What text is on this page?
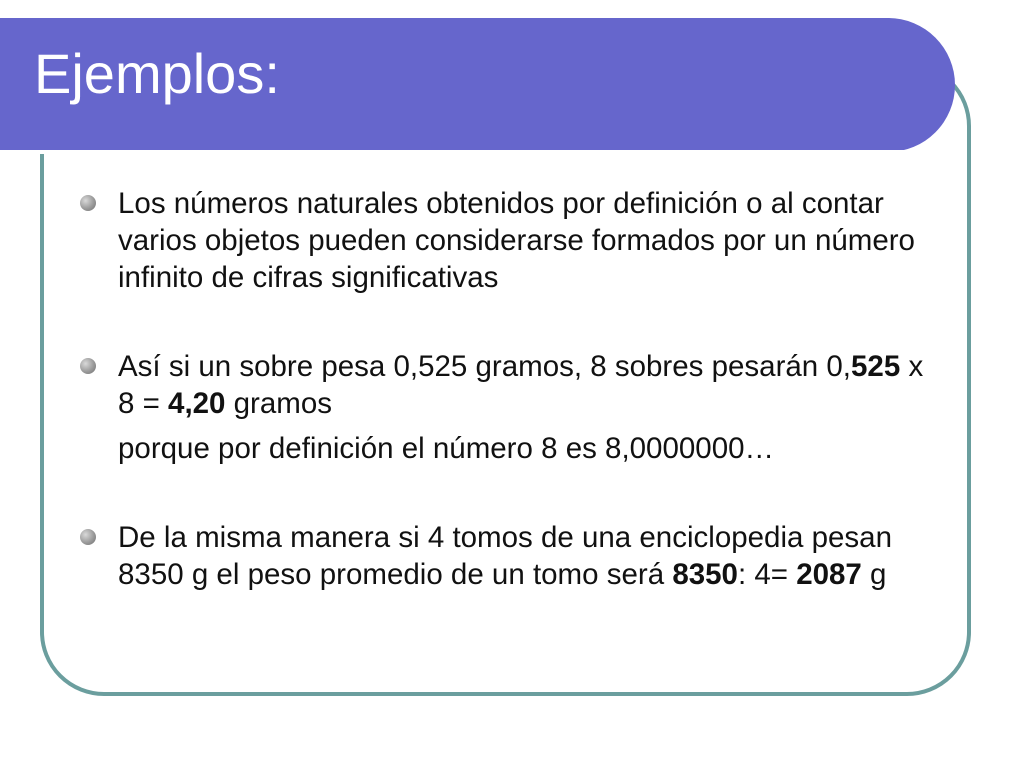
Ejemplos:
Los números naturales obtenidos por definición o al contar varios objetos pueden considerarse formados por un número infinito de cifras significativas
Así si un sobre pesa 0,525 gramos, 8 sobres pesarán 0,525 x 8 = 4,20 gramos
porque por definición el número 8 es 8,0000000…
De la misma manera si 4 tomos de una enciclopedia pesan 8350 g el peso promedio de un tomo será 8350: 4= 2087 g
